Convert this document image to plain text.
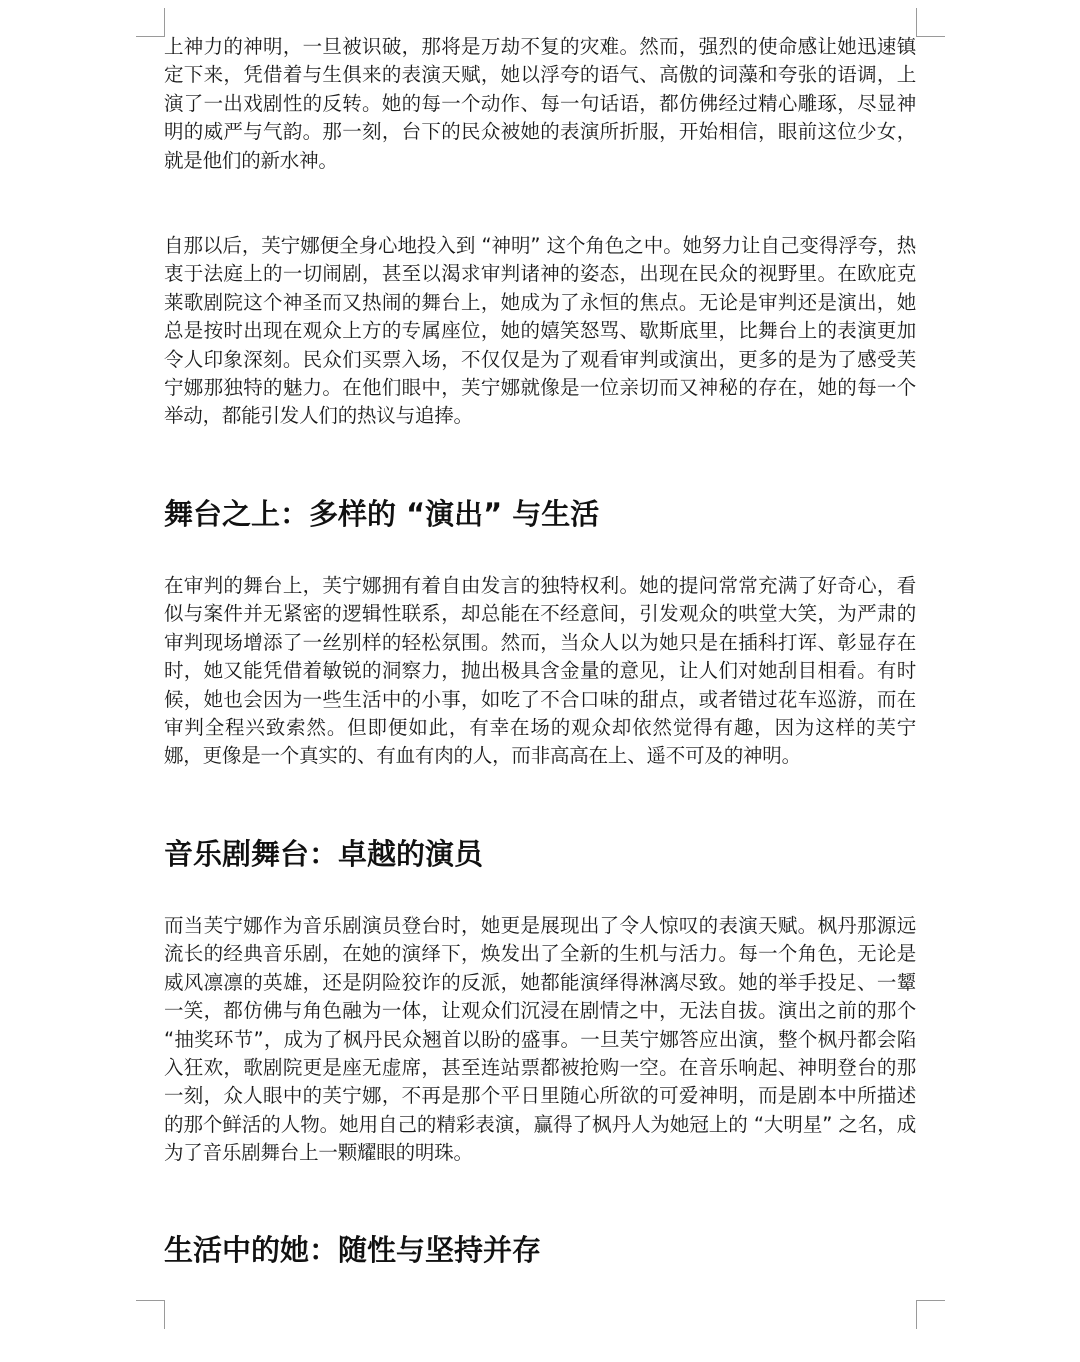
上神力的神明，一旦被识破，那将是万劫不复的灾难。然而，强烈的使命感让她迅速镇定下来，凭借着与生俱来的表演天赋，她以浮夸的语气、高傲的词藻和夸张的语调，上演了一出戏剧性的反转。她的每一个动作、每一句话语，都仿佛经过精心雕琢，尽显神明的威严与气韵。那一刻，台下的民众被她的表演所折服，开始相信，眼前这位少女，就是他们的新水神。

自那以后，芙宁娜便全身心地投入到 “神明” 这个角色之中。她努力让自己变得浮夸，热衷于法庭上的一切闹剧，甚至以渴求审判诸神的姿态，出现在民众的视野里。在欧庇克莱歌剧院这个神圣而又热闹的舞台上，她成为了永恒的焦点。无论是审判还是演出，她总是按时出现在观众上方的专属座位，她的嬉笑怒骂、歇斯底里，比舞台上的表演更加令人印象深刻。民众们买票入场，不仅仅是为了观看审判或演出，更多的是为了感受芙宁娜那独特的魅力。在他们眼中，芙宁娜就像是一位亲切而又神秘的存在，她的每一个举动，都能引发人们的热议与追捧。

舞台之上：多样的 “演出” 与生活

在审判的舞台上，芙宁娜拥有着自由发言的独特权利。她的提问常常充满了好奇心，看似与案件并无紧密的逻辑性联系，却总能在不经意间，引发观众的哄堂大笑，为严肃的审判现场增添了一丝别样的轻松氛围。然而，当众人以为她只是在插科打诨、彰显存在时，她又能凭借着敏锐的洞察力，抛出极具含金量的意见，让人们对她刮目相看。有时候，她也会因为一些生活中的小事，如吃了不合口味的甜点，或者错过花车巡游，而在审判全程兴致索然。但即便如此，有幸在场的观众却依然觉得有趣，因为这样的芙宁娜，更像是一个真实的、有血有肉的人，而非高高在上、遥不可及的神明。

音乐剧舞台：卓越的演员

而当芙宁娜作为音乐剧演员登台时，她更是展现出了令人惊叹的表演天赋。枫丹那源远流长的经典音乐剧，在她的演绎下，焕发出了全新的生机与活力。每一个角色，无论是威风凛凛的英雄，还是阴险狡诈的反派，她都能演绎得淋漓尽致。她的举手投足、一颦一笑，都仿佛与角色融为一体，让观众们沉浸在剧情之中，无法自拔。演出之前的那个 “抽奖环节”，成为了枫丹民众翘首以盼的盛事。一旦芙宁娜答应出演，整个枫丹都会陷入狂欢，歌剧院更是座无虚席，甚至连站票都被抢购一空。在音乐响起、神明登台的那一刻，众人眼中的芙宁娜，不再是那个平日里随心所欲的可爱神明，而是剧本中所描述的那个鲜活的人物。她用自己的精彩表演，赢得了枫丹人为她冠上的 “大明星” 之名，成为了音乐剧舞台上一颗耀眼的明珠。

生活中的她：随性与坚持并存
